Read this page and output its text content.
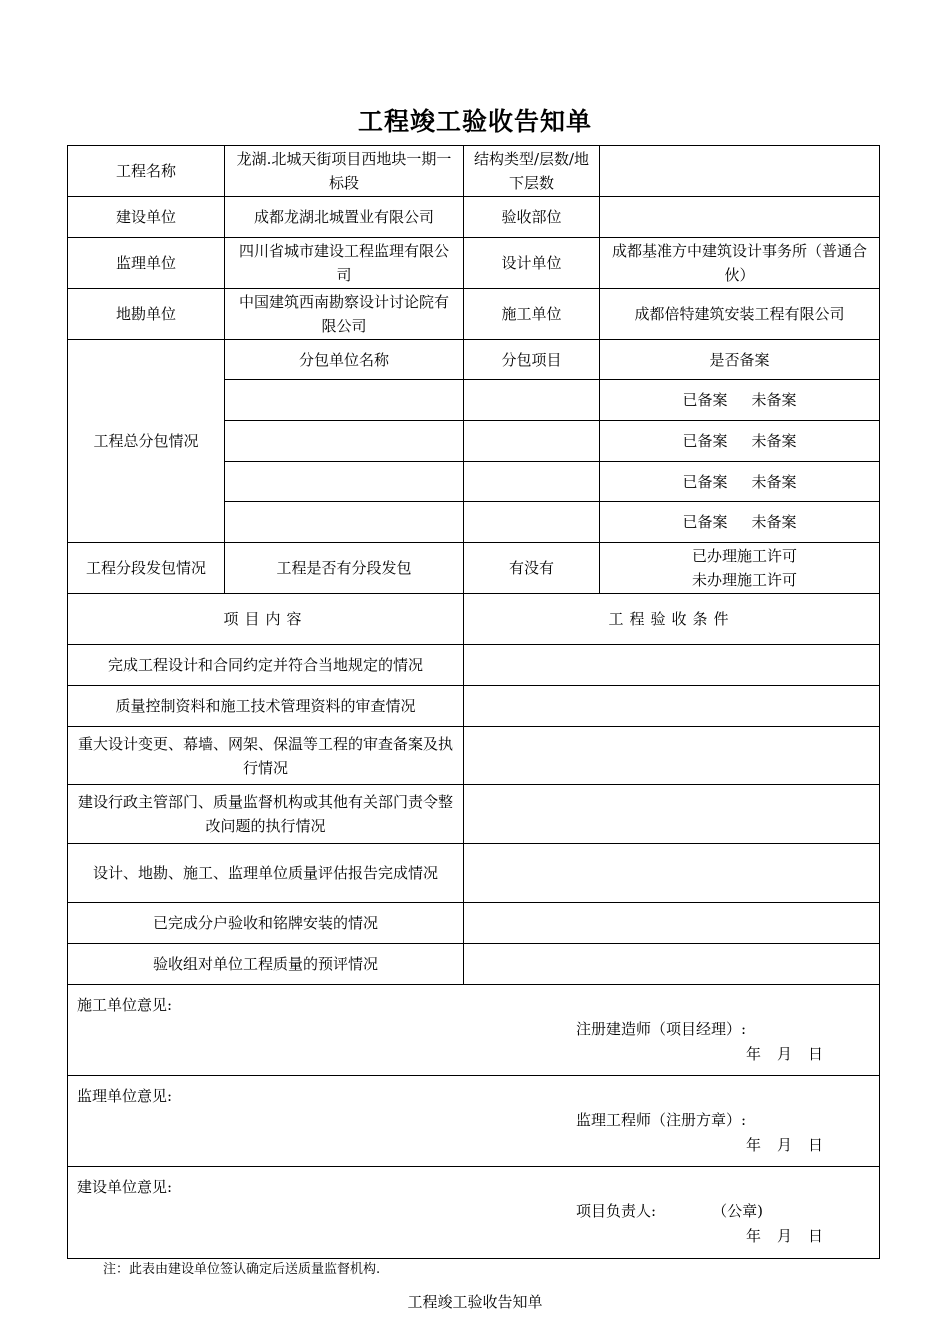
工程竣工验收告知单
工程名称	龙湖.北城天街项目西地块一期一标段	结构类型/层数/地下层数	
建设单位	成都龙湖北城置业有限公司	验收部位	
监理单位	四川省城市建设工程监理有限公司	设计单位	成都基准方中建筑设计事务所（普通合伙）
地勘单位	中国建筑西南勘察设计讨论院有限公司	施工单位	成都倍特建筑安装工程有限公司
工程总分包情况	分包单位名称	分包项目	是否备案
			已备案 未备案
			已备案 未备案
			已备案 未备案
			已备案 未备案
工程分段发包情况	工程是否有分段发包	有没有	已办理施工许可
未办理施工许可

项目内容		工程验收条件	
完成工程设计和合同约定并符合当地规定的情况			
质量控制资料和施工技术管理资料的审查情况			
重大设计变更、幕墙、网架、保温等工程的审查备案及执行情况			
建设行政主管部门、质量监督机构或其他有关部门责令整改问题的执行情况			
设计、地勘、施工、监理单位质量评估报告完成情况			
已完成分户验收和铭牌安装的情况			
验收组对单位工程质量的预评情况			

施工单位意见:
注册建造师（项目经理）:
年 月 日			

监理单位意见:
监理工程师（注册方章）:
年 月 日			

建设单位意见:
项目负责人: （公章)
年 月 日			
注：此表由建设单位签认确定后送质量监督机构.
工程竣工验收告知单
